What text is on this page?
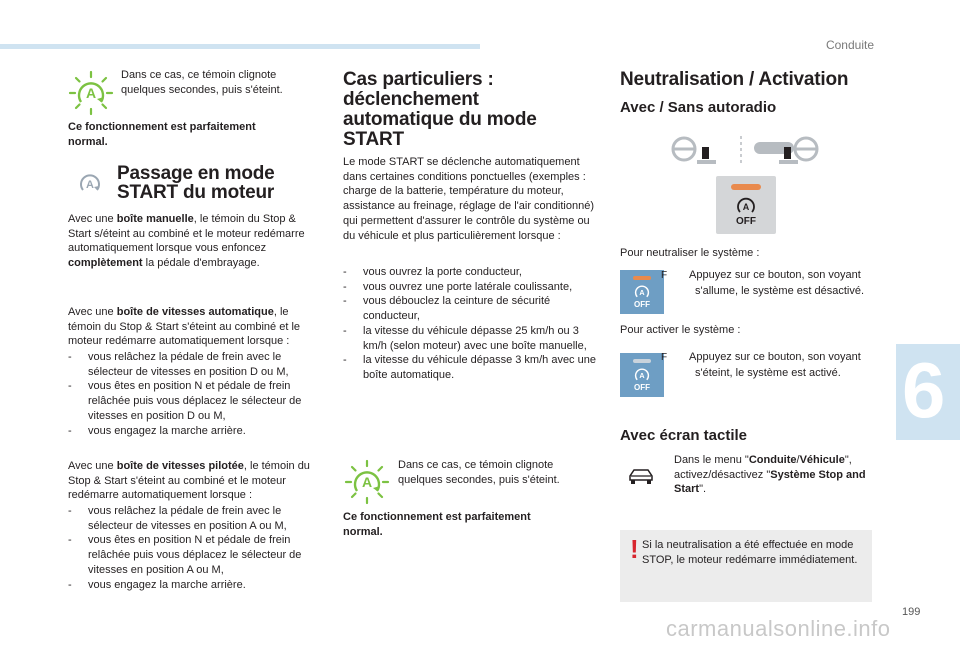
Conduite
6
A

Dans ce cas, ce témoin clignote quelques secondes, puis s'éteint.

Ce fonctionnement est parfaitement normal.

A
Passage en mode
START du moteur

Avec une boîte manuelle, le témoin du Stop & Start s/éteint au combiné et le moteur redémarre automatiquement lorsque vous enfoncez complètement la pédale d'embrayage.

Avec une boîte de vitesses automatique, le témoin du Stop & Start s'éteint au combiné et le moteur redémarre automatiquement lorsque :

- vous relâchez la pédale de frein avec le sélecteur de vitesses en position D ou M,
- vous êtes en position N et pédale de frein relâchée puis vous déplacez le sélecteur de vitesses en position D ou M,
- vous engagez la marche arrière.

Avec une boîte de vitesses pilotée, le témoin du Stop & Start s'éteint au combiné et le moteur redémarre automatiquement lorsque :

- vous relâchez la pédale de frein avec le sélecteur de vitesses en position A ou M,
- vous êtes en position N et pédale de frein relâchée puis vous déplacez le sélecteur de vitesses en position A ou M,
- vous engagez la marche arrière.
Cas particuliers :
déclenchement
automatique du mode
START

Le mode START se déclenche automatiquement dans certaines conditions ponctuelles (exemples : charge de la batterie, température du moteur, assistance au freinage, réglage de l'air conditionné) qui permettent d'assurer le contrôle du système ou du véhicule et plus particulièrement lorsque :

- vous ouvrez la porte conducteur,
- vous ouvrez une porte latérale coulissante,
- vous débouclez la ceinture de sécurité conducteur,
- la vitesse du véhicule dépasse 25 km/h ou 3 km/h (selon moteur) avec une boîte manuelle,
- la vitesse du véhicule dépasse 3 km/h avec une boîte automatique.
A

Dans ce cas, ce témoin clignote quelques secondes, puis s'éteint.

Ce fonctionnement est parfaitement normal.

Neutralisation / Activation
Avec / Sans autoradio
A
OFF

Pour neutraliser le système :

A
OFF

F Appuyez sur ce bouton, son voyant s'allume, le système est désactivé.

Pour activer le système :

A
OFF

F Appuyez sur ce bouton, son voyant s'éteint, le système est activé.

Avec écran tactile

Dans le menu "Conduite/Véhicule", activez/désactivez "Système Stop and Start".

! Si la neutralisation a été effectuée en mode STOP, le moteur redémarre immédiatement.

199
carmanualsonline.info
